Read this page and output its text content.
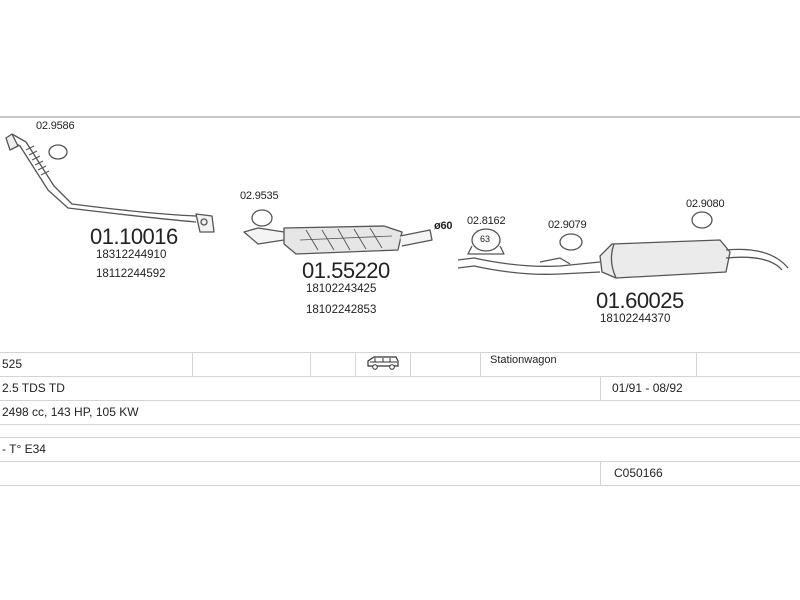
02.9586
01.10016
18312244910
18112244592
02.9535
01.55220
18102243425
18102242853
ø60 02.8162
63
02.9079
02.9080
01.60025
18102244370
525	Stationwagon
2.5 TDS TD	01/91 - 08/92
2498 cc, 143 HP, 105 KW
- T° E34
C050166
